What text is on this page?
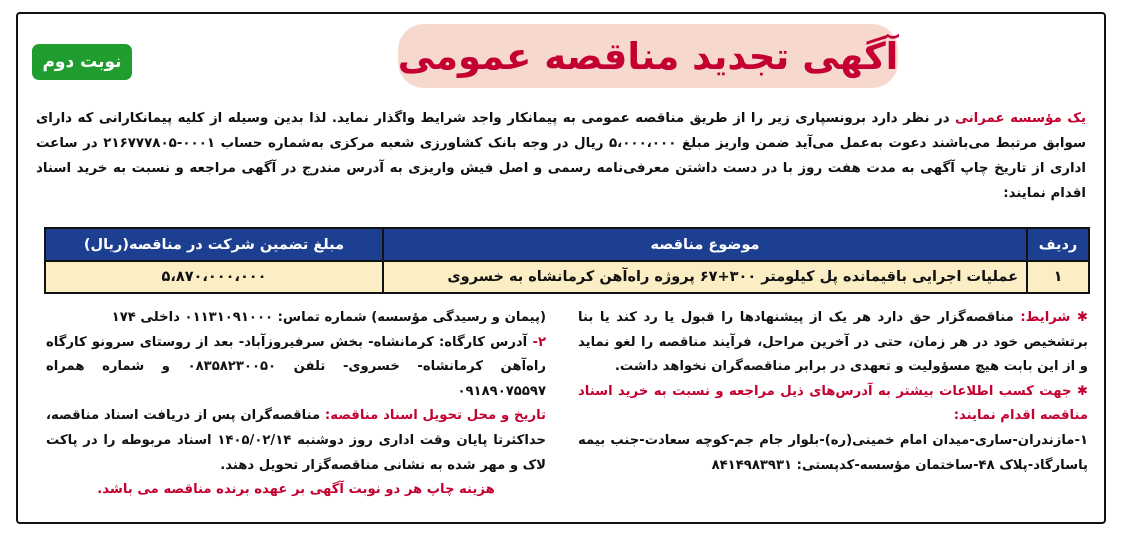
آگهی تجدید مناقصه عمومی
نوبت دوم
یک مؤسسه عمرانی در نظر دارد برونسپاری زیر را از طریق مناقصه عمومی به پیمانکار واجد شرایط واگذار نماید. لذا بدین وسیله از کلیه پیمانکارانی که دارای سوابق مرتبط می‌باشند دعوت به‌عمل می‌آید ضمن واریز مبلغ ۵،۰۰۰،۰۰۰ ریال در وجه بانک کشاورزی شعبه مرکزی به‌شماره حساب ۰۰۰۱-۲۱۶۷۷۷۸۰۵ در ساعت اداری از تاریخ چاپ آگهی به مدت هفت روز با در دست داشتن معرفی‌نامه رسمی و اصل فیش واریزی به آدرس مندرج در آگهی مراجعه و نسبت به خرید اسناد اقدام نمایند:
ردیف	موضوع مناقصه	مبلغ تضمین شرکت در مناقصه(ریال)
۱	عملیات اجرایی باقیمانده پل کیلومتر ۳۰۰+۶۷ پروژه راه‌آهن کرمانشاه به خسروی	۵،۸۷۰،۰۰۰،۰۰۰

✱ شرایط: مناقصه‌گزار حق دارد هر یک از پیشنهادها را قبول یا رد کند یا بنا برتشخیص خود در هر زمان، حتی در آخرین مراحل، فرآیند مناقصه را لغو نماید و از این بابت هیچ مسؤولیت و تعهدی در برابر مناقصه‌گران نخواهد داشت.

✱ جهت کسب اطلاعات بیشتر به آدرس‌های ذیل مراجعه و نسبت به خرید اسناد مناقصه اقدام نمایند:

۱-مازندران-ساری-میدان امام خمینی(ره)-بلوار جام جم-کوچه سعادت-جنب بیمه پاسارگاد-پلاک ۴۸-ساختمان مؤسسه-کدپستی: ۸۴۱۴۹۸۳۹۳۱

(پیمان و رسیدگی مؤسسه) شماره تماس: ۰۱۱۳۱۰۹۱۰۰۰ داخلی ۱۷۴

۲- آدرس کارگاه: کرمانشاه- بخش سرفیروزآباد- بعد از روستای سرونو کارگاه راه‌آهن کرمانشاه- خسروی- تلفن ۰۸۳۵۸۲۳۰۰۵۰ و شماره همراه ۰۹۱۸۹۰۷۵۵۹۷

تاریخ و محل تحویل اسناد مناقصه: مناقصه‌گران پس از دریافت اسناد مناقصه، حداکثرتا پایان وقت اداری روز دوشنبه ۱۴۰۵/۰۲/۱۴ اسناد مربوطه را در پاکت لاک و مهر شده به نشانی مناقصه‌گزار تحویل دهند.

هزینه چاپ هر دو نوبت آگهی بر عهده برنده مناقصه می باشد.
